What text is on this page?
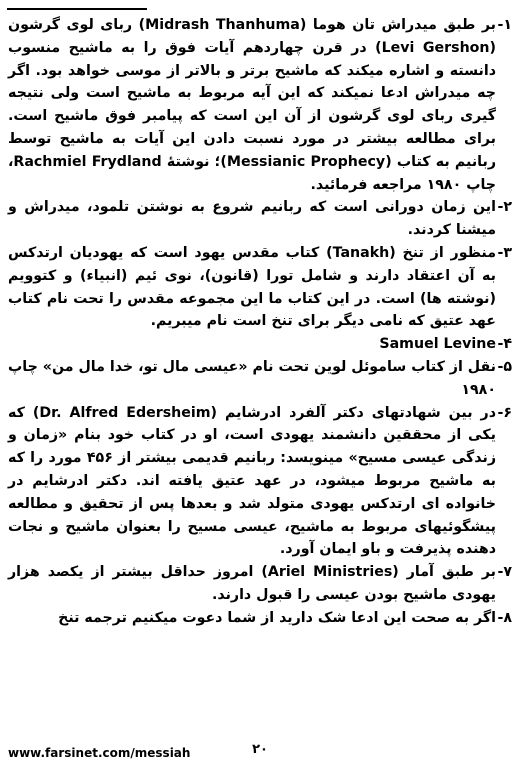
۱-

بر طبق میدراش تان هوما (Midrash Thanhuma) ربای لوی گرشون (Levi Gershon) در قرن چهاردهم آیات فوق را به ماشیح منسوب دانسته و اشاره میکند که ماشیح برتر و بالاتر از موسی خواهد بود. اگر چه میدراش ادعا نمیکند که این آیه مربوط به ماشیح است ولی نتیجه گیری ربای لوی گرشون از آن این است که پیامبر فوق ماشیح است. برای مطالعه بیشتر در مورد نسبت دادن این آیات به ماشیح توسط ربانیم به کتاب (Messianic Prophecy)؛ نوشتهٔ Rachmiel Frydland، چاپ ۱۹۸۰ مراجعه فرمائید.

۲-

این زمان دورانی است که ربانیم شروع به نوشتن تلمود، میدراش و میشنا کردند.

۳-

منظور از تنخ (Tanakh) کتاب مقدس یهود است که یهودیان ارتدکس به آن اعتقاد دارند و شامل تورا (قانون)، نوی ئیم (انبیاء) و کتوویم (نوشته ها) است. در این کتاب ما این مجموعه مقدس را تحت نام کتاب عهد عتیق که نامی دیگر برای تنخ است نام میبریم.

۴-

Samuel Levine

۵-

نقل از کتاب ساموئل لوین تحت نام «عیسی مال تو، خدا مال من» چاپ ۱۹۸۰

۶-

در بین شهادتهای دکتر آلفرد ادرشایم (Dr. Alfred Edersheim) که یکی از محققین دانشمند یهودی است، او در کتاب خود بنام «زمان و زندگی عیسی مسیح» مینویسد: ربانیم قدیمی بیشتر از ۴۵۶ مورد را که به ماشیح مربوط میشود، در عهد عتیق یافته اند. دکتر ادرشایم در خانواده ای ارتدکس یهودی متولد شد و بعدها پس از تحقیق و مطالعه پیشگوئیهای مربوط به ماشیح، عیسی مسیح را بعنوان ماشیح و نجات دهنده پذیرفت و باو ایمان آورد.

۷-

بر طبق آمار (Ariel Ministries) امروز حداقل بیشتر از یکصد هزار یهودی ماشیح بودن عیسی را قبول دارند.

۸-

اگر به صحت این ادعا شک دارید از شما دعوت میکنیم ترجمه تنخ

۲۰
www.farsinet.com/messiah
